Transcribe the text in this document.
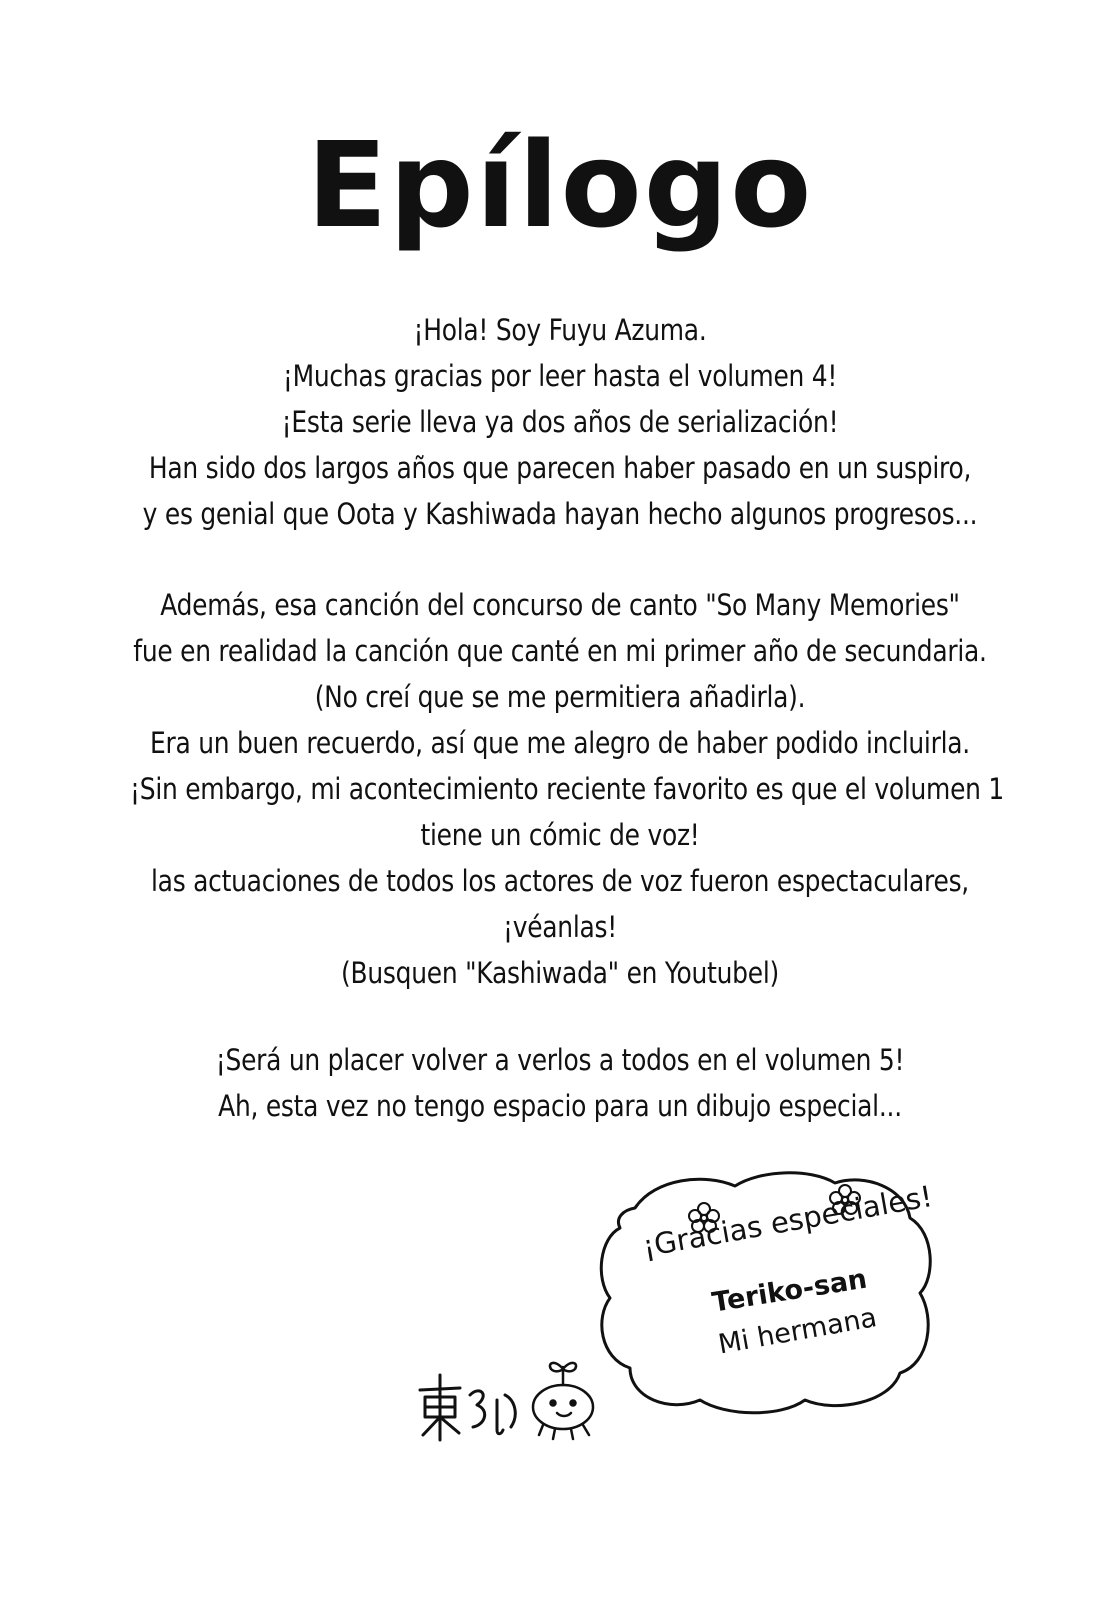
Epílogo
¡Hola! Soy Fuyu Azuma.
¡Muchas gracias por leer hasta el volumen 4!
¡Esta serie lleva ya dos años de serialización!
Han sido dos largos años que parecen haber pasado en un suspiro,
y es genial que Oota y Kashiwada hayan hecho algunos progresos...
Además, esa canción del concurso de canto "So Many Memories"
fue en realidad la canción que canté en mi primer año de secundaria.
(No creí que se me permitiera añadirla).
Era un buen recuerdo, así que me alegro de haber podido incluirla.
¡Sin embargo, mi acontecimiento reciente favorito es que el volumen 1
tiene un cómic de voz!
las actuaciones de todos los actores de voz fueron espectaculares,
¡véanlas!
(Busquen "Kashiwada" en Youtubel)
¡Será un placer volver a verlos a todos en el volumen 5!
Ah, esta vez no tengo espacio para un dibujo especial...
¡Gracias especiales!
Teriko-san
Mi hermana
